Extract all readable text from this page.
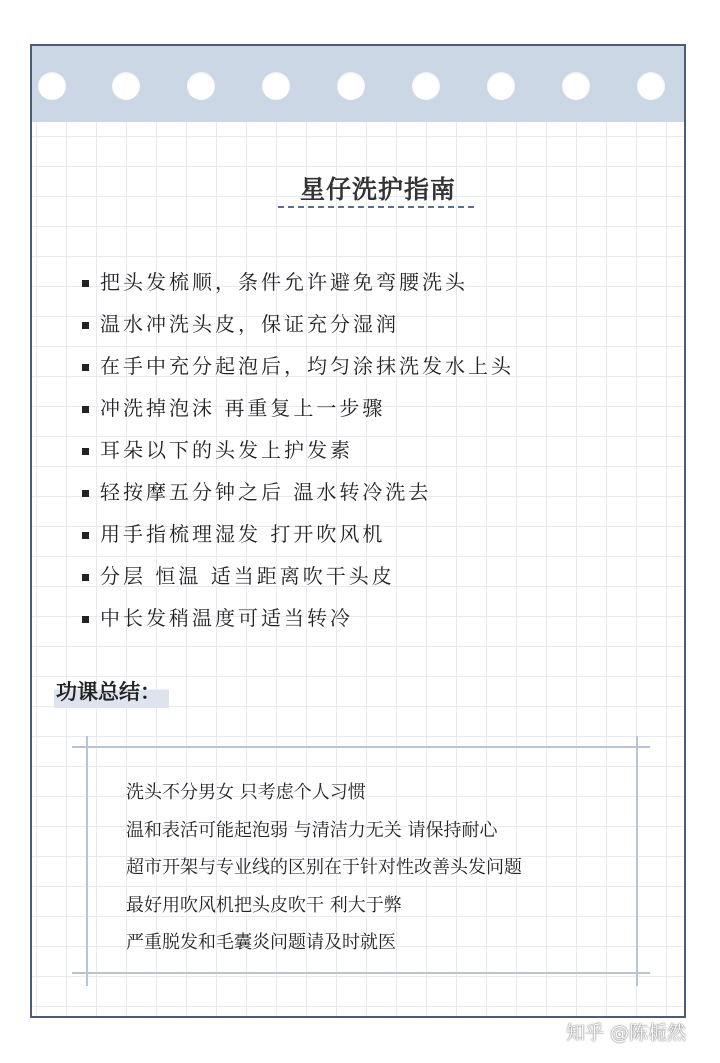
星仔洗护指南
把头发梳顺，条件允许避免弯腰洗头
温水冲洗头皮，保证充分湿润
在手中充分起泡后，均匀涂抹洗发水上头
冲洗掉泡沫 再重复上一步骤
耳朵以下的头发上护发素
轻按摩五分钟之后 温水转冷洗去
用手指梳理湿发 打开吹风机
分层 恒温 适当距离吹干头皮
中长发稍温度可适当转冷
功课总结：
洗头不分男女 只考虑个人习惯
温和表活可能起泡弱 与清洁力无关 请保持耐心
超市开架与专业线的区别在于针对性改善头发问题
最好用吹风机把头皮吹干 利大于弊
严重脱发和毛囊炎问题请及时就医
知乎 @陈栀然
